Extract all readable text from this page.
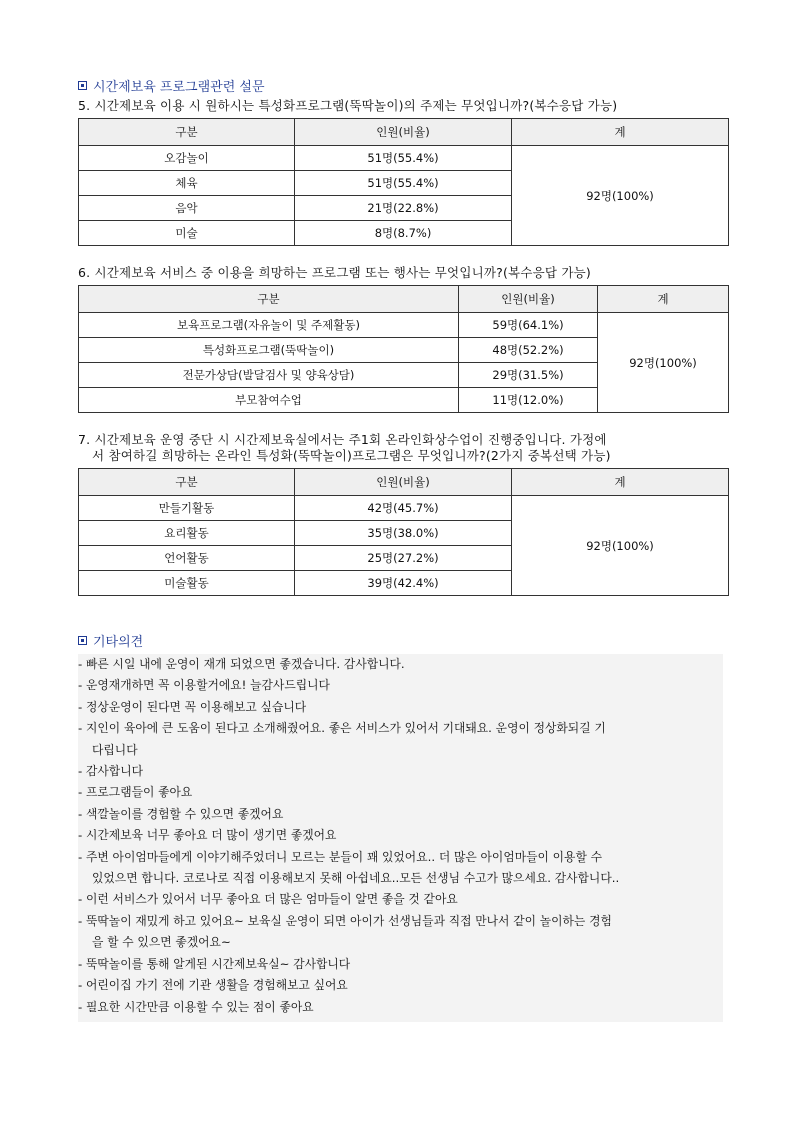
시간제보육 프로그램관련 설문
5. 시간제보육 이용 시 원하시는 특성화프로그램(뚝딱놀이)의 주제는 무엇입니까?(복수응답 가능)
구분	인원(비율)	계
오감놀이	51명(55.4%)	92명(100%)
체육	51명(55.4%)	
음악	21명(22.8%)	
미술	8명(8.7%)	
6. 시간제보육 서비스 중 이용을 희망하는 프로그램 또는 행사는 무엇입니까?(복수응답 가능)
구분	인원(비율)	계
보육프로그램(자유놀이 및 주제활동)	59명(64.1%)	92명(100%)
특성화프로그램(뚝딱놀이)	48명(52.2%)	
전문가상담(발달검사 및 양육상담)	29명(31.5%)	
부모참여수업	11명(12.0%)	
7. 시간제보육 운영 중단 시 시간제보육실에서는 주1회 온라인화상수업이 진행중입니다. 가정에
서 참여하길 희망하는 온라인 특성화(뚝딱놀이)프로그램은 무엇입니까?(2가지 중복선택 가능)
구분	인원(비율)	계
만들기활동	42명(45.7%)	92명(100%)
요리활동	35명(38.0%)	
언어활동	25명(27.2%)	
미술활동	39명(42.4%)	
기타의견
- 빠른 시일 내에 운영이 재개 되었으면 좋겠습니다. 감사합니다.
- 운영재개하면 꼭 이용할거에요! 늘감사드립니다
- 정상운영이 된다면 꼭 이용해보고 싶습니다
- 지인이 육아에 큰 도움이 된다고 소개해줬어요. 좋은 서비스가 있어서 기대돼요. 운영이 정상화되길 기
다립니다
- 감사합니다
- 프로그램들이 좋아요
- 색깔놀이를 경험할 수 있으면 좋겠어요
- 시간제보육 너무 좋아요 더 많이 생기면 좋겠어요
- 주변 아이엄마들에게 이야기해주었더니 모르는 분들이 꽤 있었어요.. 더 많은 아이엄마들이 이용할 수
있었으면 합니다. 코로나로 직접 이용해보지 못해 아쉽네요..모든 선생님 수고가 많으세요. 감사합니다..
- 이런 서비스가 있어서 너무 좋아요 더 많은 엄마들이 알면 좋을 것 같아요
- 뚝딱놀이 재밌게 하고 있어요~ 보육실 운영이 되면 아이가 선생님들과 직접 만나서 같이 놀이하는 경험
을 할 수 있으면 좋겠어요~
- 뚝딱놀이를 통해 알게된 시간제보육실~ 감사합니다
- 어린이집 가기 전에 기관 생활을 경험해보고 싶어요
- 필요한 시간만큼 이용할 수 있는 점이 좋아요
